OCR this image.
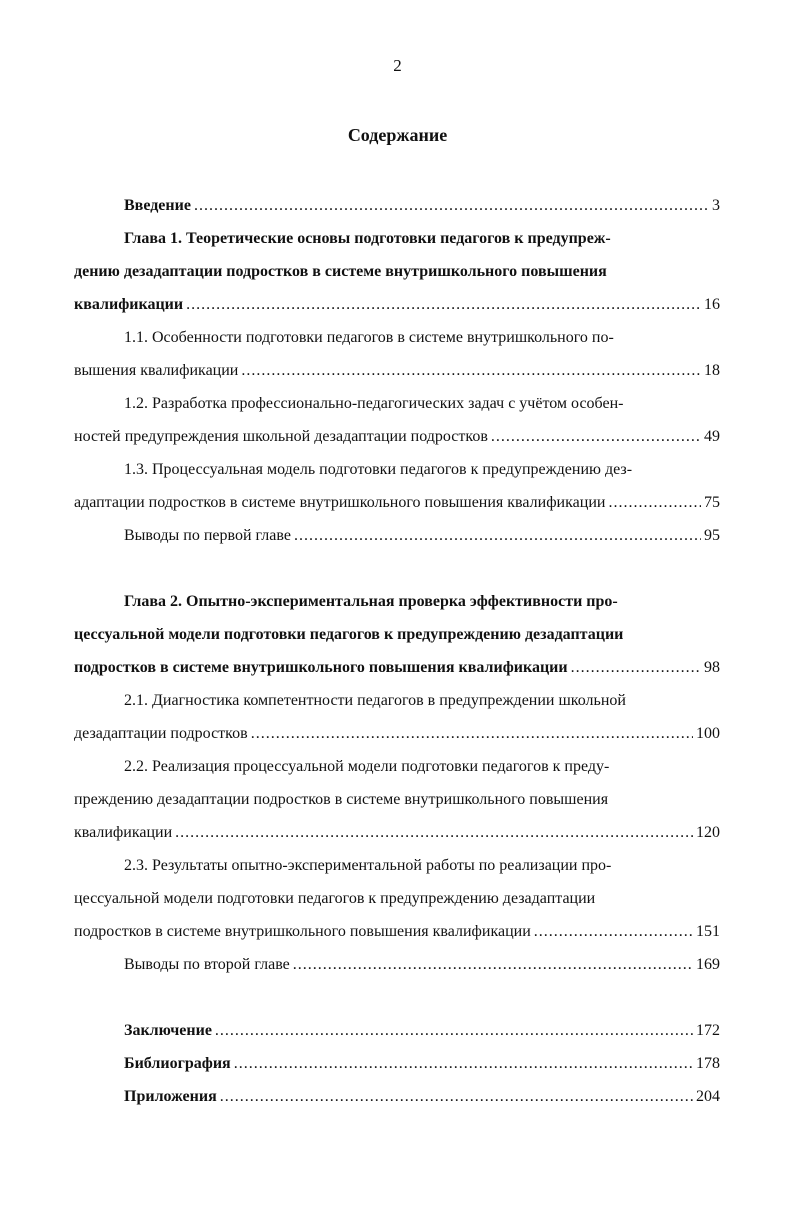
2
Содержание
Введение .....	3
Глава 1. Теоретические основы подготовки педагогов к предупреж-
дению дезадаптации подростков в системе внутришкольного повышения
квалификации .....	16
1.1. Особенности подготовки педагогов в системе внутришкольного по-
вышения квалификации .....	18
1.2. Разработка профессионально-педагогических задач с учётом особен-
ностей предупреждения школьной дезадаптации подростков .....	49
1.3. Процессуальная модель подготовки педагогов к предупреждению дез-
адаптации подростков в системе внутришкольного повышения квалификации .....	75
Выводы по первой главе .....	95
Глава 2. Опытно-экспериментальная проверка эффективности про-
цессуальной модели подготовки педагогов к предупреждению дезадаптации
подростков в системе внутришкольного повышения квалификации .....	98
2.1. Диагностика компетентности педагогов в предупреждении школьной
дезадаптации подростков .....	100
2.2. Реализация процессуальной модели подготовки педагогов к преду-
преждению дезадаптации подростков в системе внутришкольного повышения
квалификации .....	120
2.3. Результаты опытно-экспериментальной работы по реализации про-
цессуальной модели подготовки педагогов к предупреждению дезадаптации
подростков в системе внутришкольного повышения квалификации .....	151
Выводы по второй главе .....	169
Заключение .....	172
Библиография .....	178
Приложения .....	204
